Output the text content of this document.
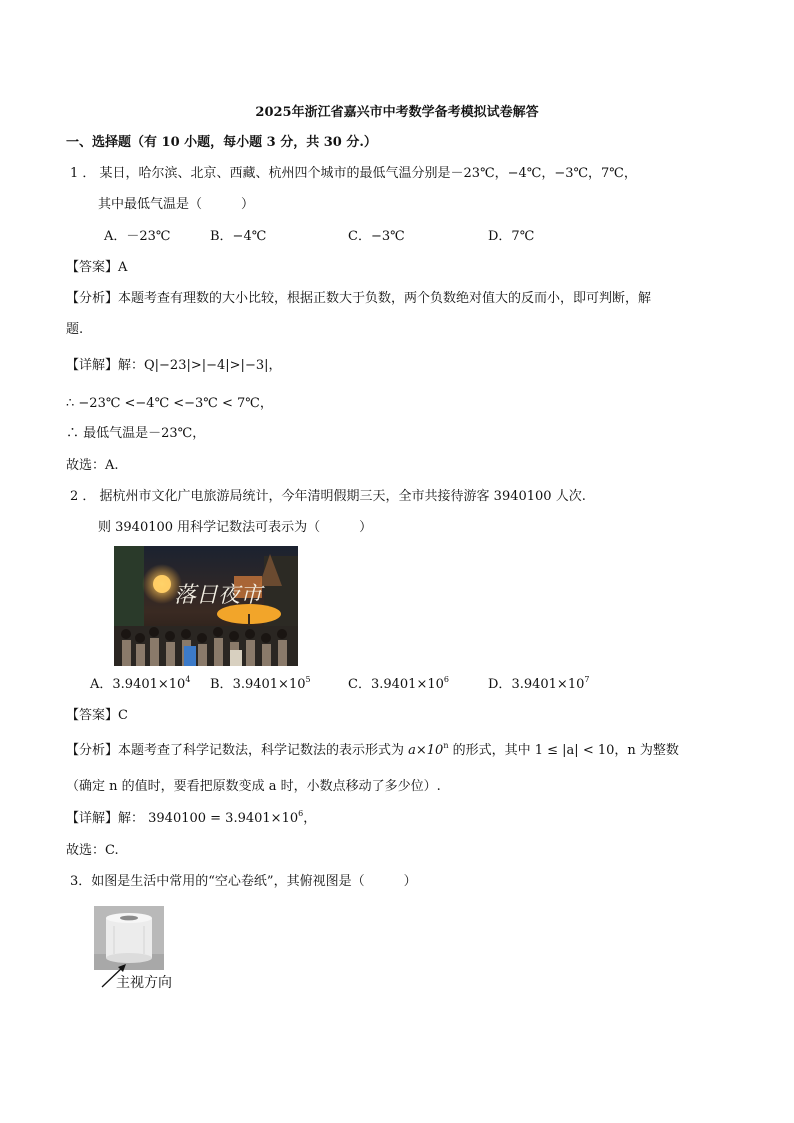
2025年浙江省嘉兴市中考数学备考模拟试卷解答
一、选择题（有 10 小题，每小题 3 分，共 30 分.）
1 ． 某日，哈尔滨、北京、西藏、杭州四个城市的最低气温分别是－23℃，−4℃，−3℃，7℃，
其中最低气温是（　　　）
A．－23℃	B．−4℃	C．−3℃	D．7℃
【答案】A
【分析】本题考查有理数的大小比较，根据正数大于负数，两个负数绝对值大的反而小，即可判断，解
题.
【详解】解：Q|−23|>|−4|>|−3|，
∴ −23℃ <−4℃ <−3℃ < 7℃，
∴ 最低气温是－23℃，
故选：A.
2 ． 据杭州市文化广电旅游局统计，今年清明假期三天，全市共接待游客 3940100 人次.
则 3940100 用科学记数法可表示为（　　　）
落日夜市
A．$3.9401\times 10^4$ B．$3.9401\times 10^5$	C．$3.9401\times 10^6$	D．$3.9401\times 10^7$
【答案】C
【分析】本题考查了科学记数法，科学记数法的表示形式为 $a\times 10^n$ 的形式，其中 1 ≤ |a| < 10，n 为整数
（确定 n 的值时，要看把原数变成 a 时，小数点移动了多少位）.
【详解】解： $3940100 = 3.9401\times 10^6$，
故选：C.
3．如图是生活中常用的“空心卷纸”，其俯视图是（　　　）
主视方向
